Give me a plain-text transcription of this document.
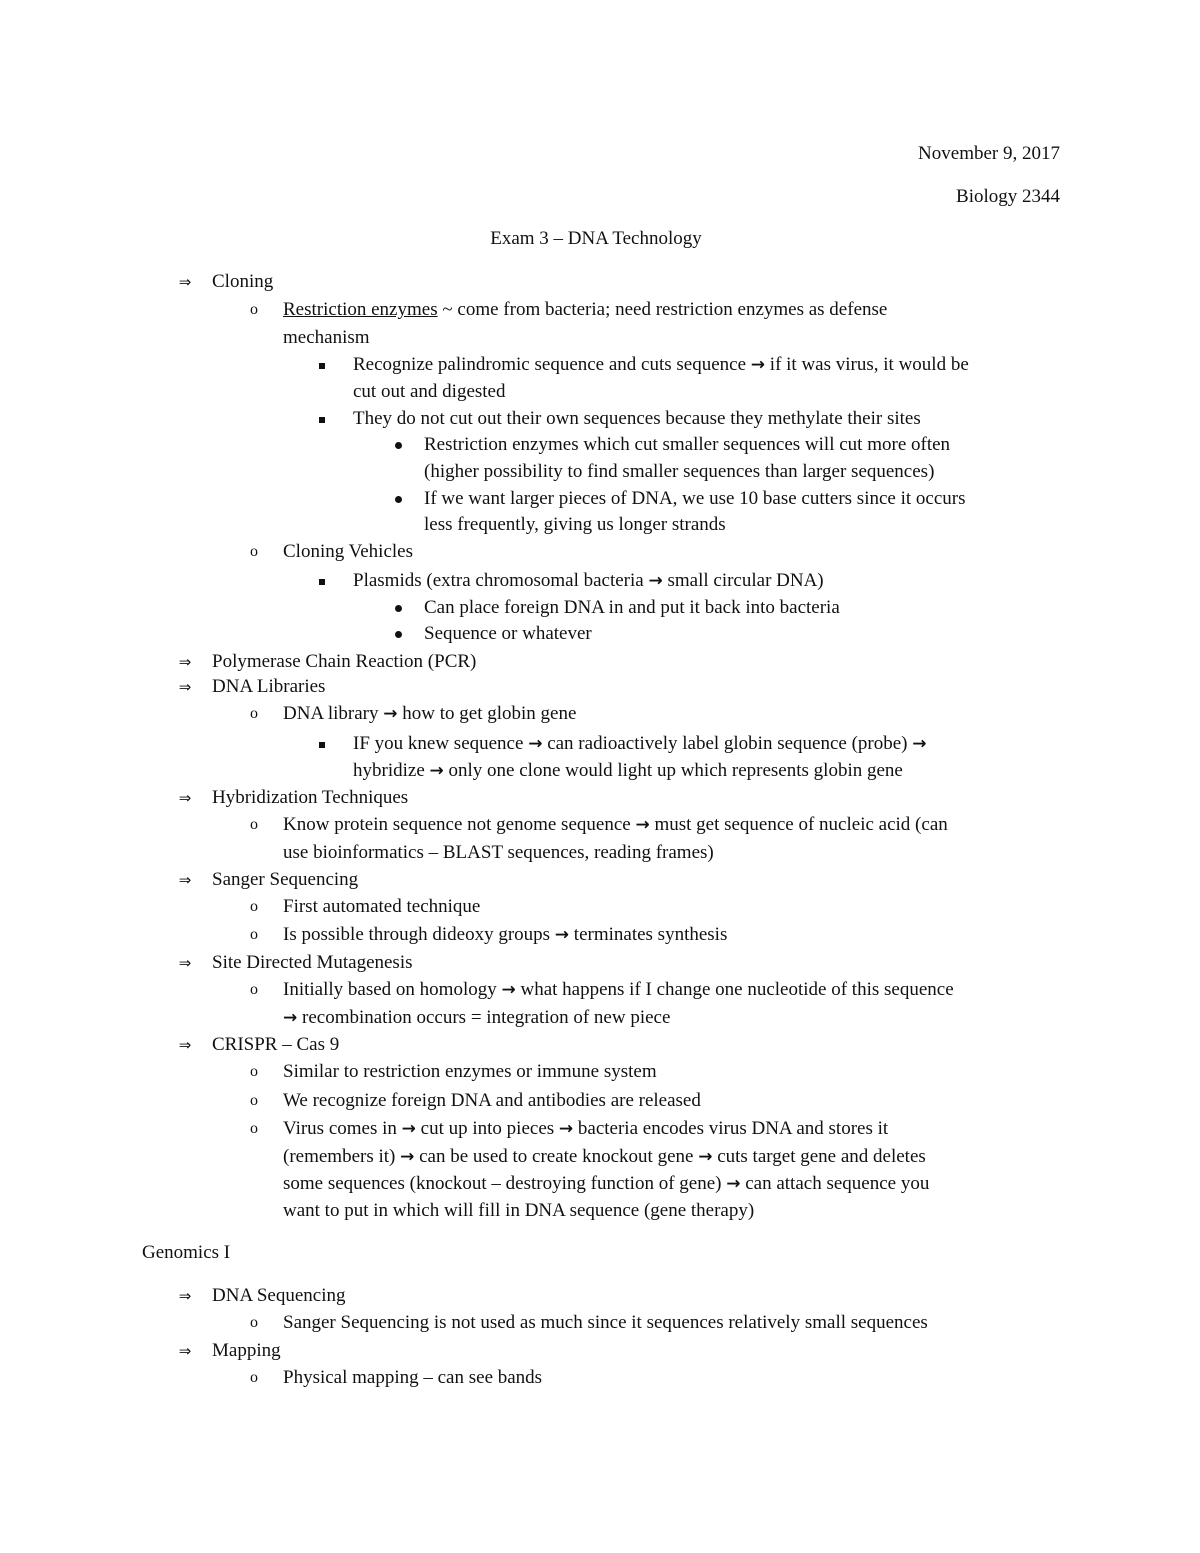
November 9, 2017
Biology 2344
Exam 3 – DNA Technology
⇒	Cloning
o Restriction enzymes ~ come from bacteria; need restriction enzymes as defense
mechanism
Recognize palindromic sequence and cuts sequence → if it was virus, it would be
cut out and digested
They do not cut out their own sequences because they methylate their sites
Restriction enzymes which cut smaller sequences will cut more often
(higher possibility to find smaller sequences than larger sequences)
If we want larger pieces of DNA, we use 10 base cutters since it occurs
less frequently, giving us longer strands
o Cloning Vehicles
Plasmids (extra chromosomal bacteria → small circular DNA)
Can place foreign DNA in and put it back into bacteria
Sequence or whatever
⇒	Polymerase Chain Reaction (PCR)
⇒	DNA Libraries
o DNA library → how to get globin gene
IF you knew sequence → can radioactively label globin sequence (probe) →
hybridize → only one clone would light up which represents globin gene
⇒	Hybridization Techniques
o Know protein sequence not genome sequence → must get sequence of nucleic acid (can
use bioinformatics – BLAST sequences, reading frames)
⇒	Sanger Sequencing
o First automated technique
o Is possible through dideoxy groups → terminates synthesis
⇒	Site Directed Mutagenesis
o Initially based on homology → what happens if I change one nucleotide of this sequence
→ recombination occurs = integration of new piece
⇒	CRISPR – Cas 9
o Similar to restriction enzymes or immune system
o We recognize foreign DNA and antibodies are released
o Virus comes in → cut up into pieces → bacteria encodes virus DNA and stores it
(remembers it) → can be used to create knockout gene → cuts target gene and deletes
some sequences (knockout – destroying function of gene) → can attach sequence you
want to put in which will fill in DNA sequence (gene therapy)
Genomics I
⇒	DNA Sequencing
o Sanger Sequencing is not used as much since it sequences relatively small sequences
⇒	Mapping
o Physical mapping – can see bands
